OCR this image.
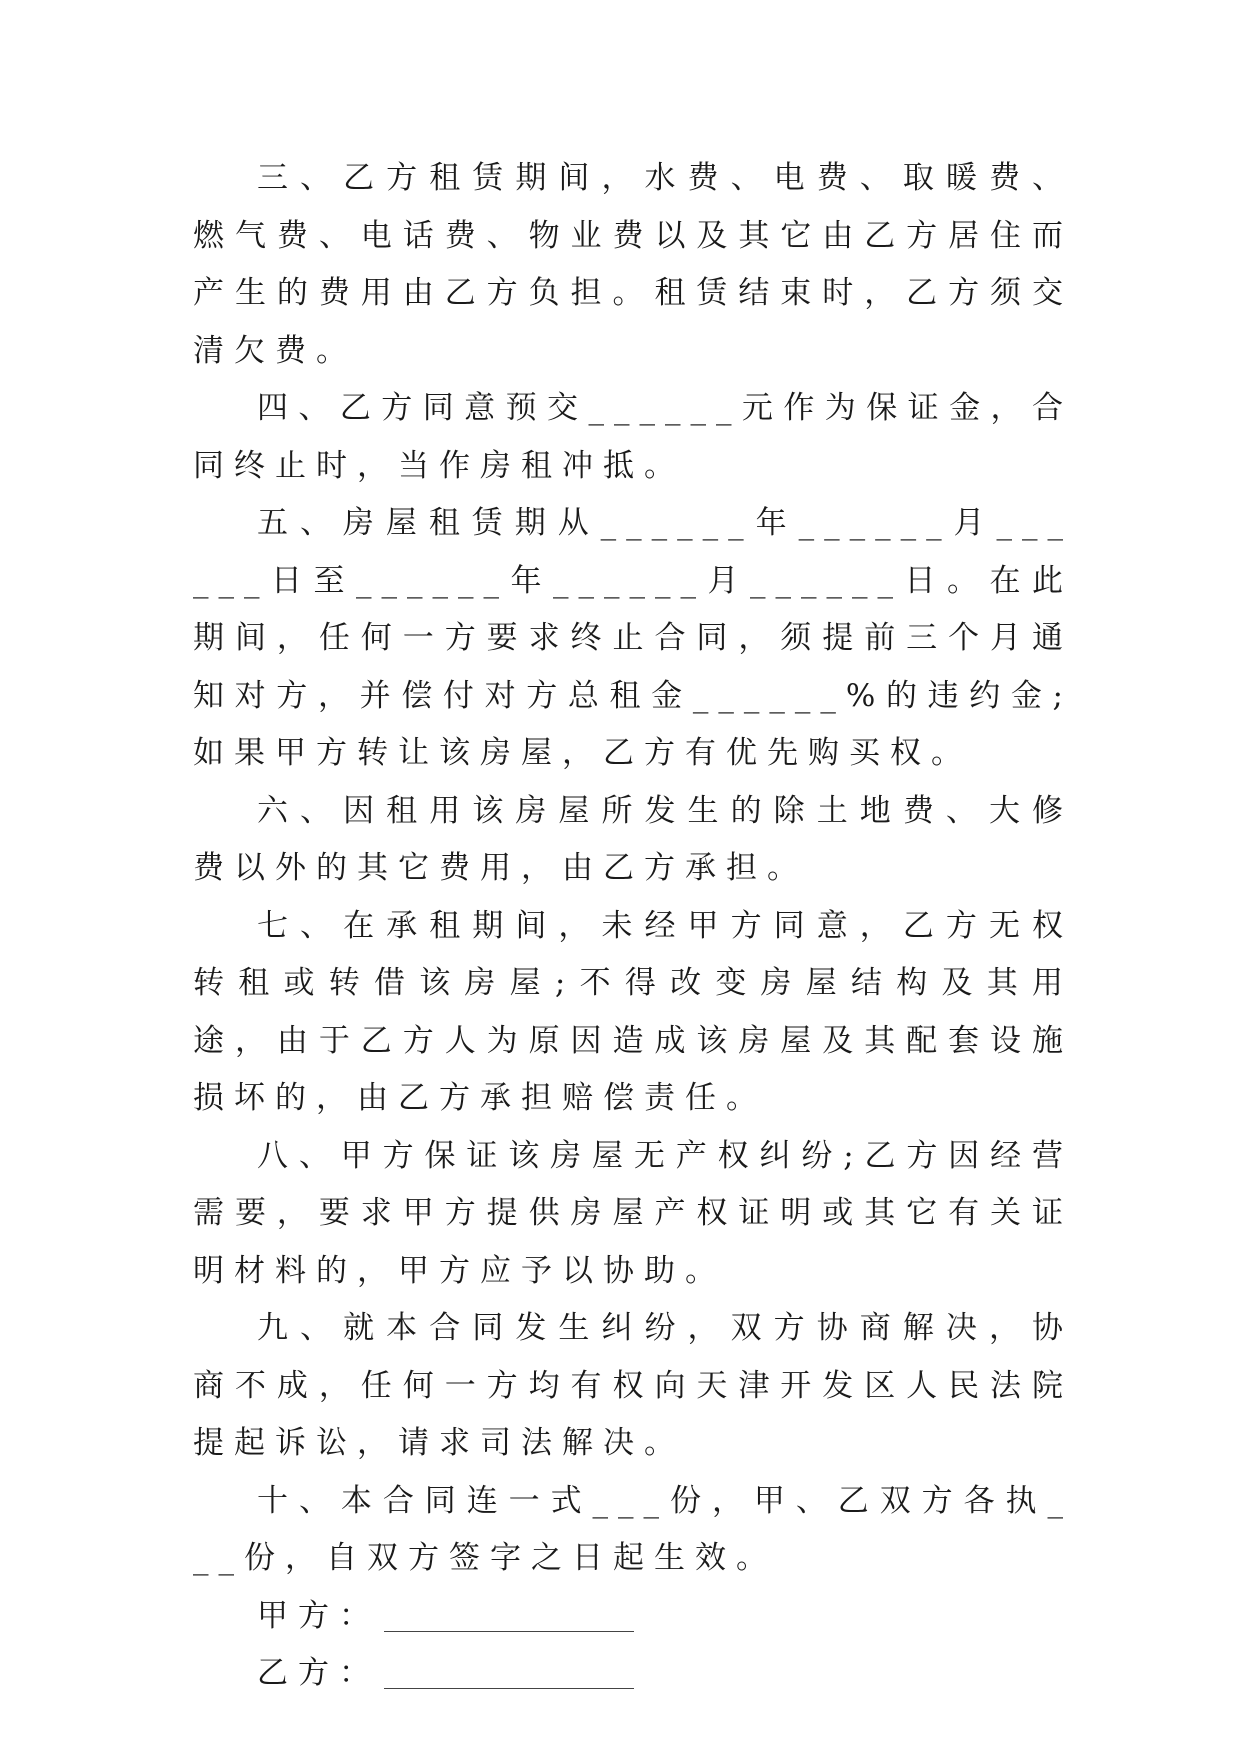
三、乙方租赁期间，水费、电费、取暖费、燃气费、电话费、物业费以及其它由乙方居住而产生的费用由乙方负担。租赁结束时，乙方须交清欠费。

四、乙方同意预交______元作为保证金，合同终止时，当作房租冲抵。

五、房屋租赁期从______年______月______日至______年______月______日。在此期间，任何一方要求终止合同，须提前三个月通知对方，并偿付对方总租金______%的违约金;如果甲方转让该房屋，乙方有优先购买权。

六、因租用该房屋所发生的除土地费、大修费以外的其它费用，由乙方承担。

七、在承租期间，未经甲方同意，乙方无权转租或转借该房屋;不得改变房屋结构及其用途，由于乙方人为原因造成该房屋及其配套设施损坏的，由乙方承担赔偿责任。

八、甲方保证该房屋无产权纠纷;乙方因经营需要，要求甲方提供房屋产权证明或其它有关证明材料的，甲方应予以协助。

九、就本合同发生纠纷，双方协商解决，协商不成，任何一方均有权向天津开发区人民法院提起诉讼，请求司法解决。

十、本合同连一式___份，甲、乙双方各执___份，自双方签字之日起生效。

甲方：
乙方：
